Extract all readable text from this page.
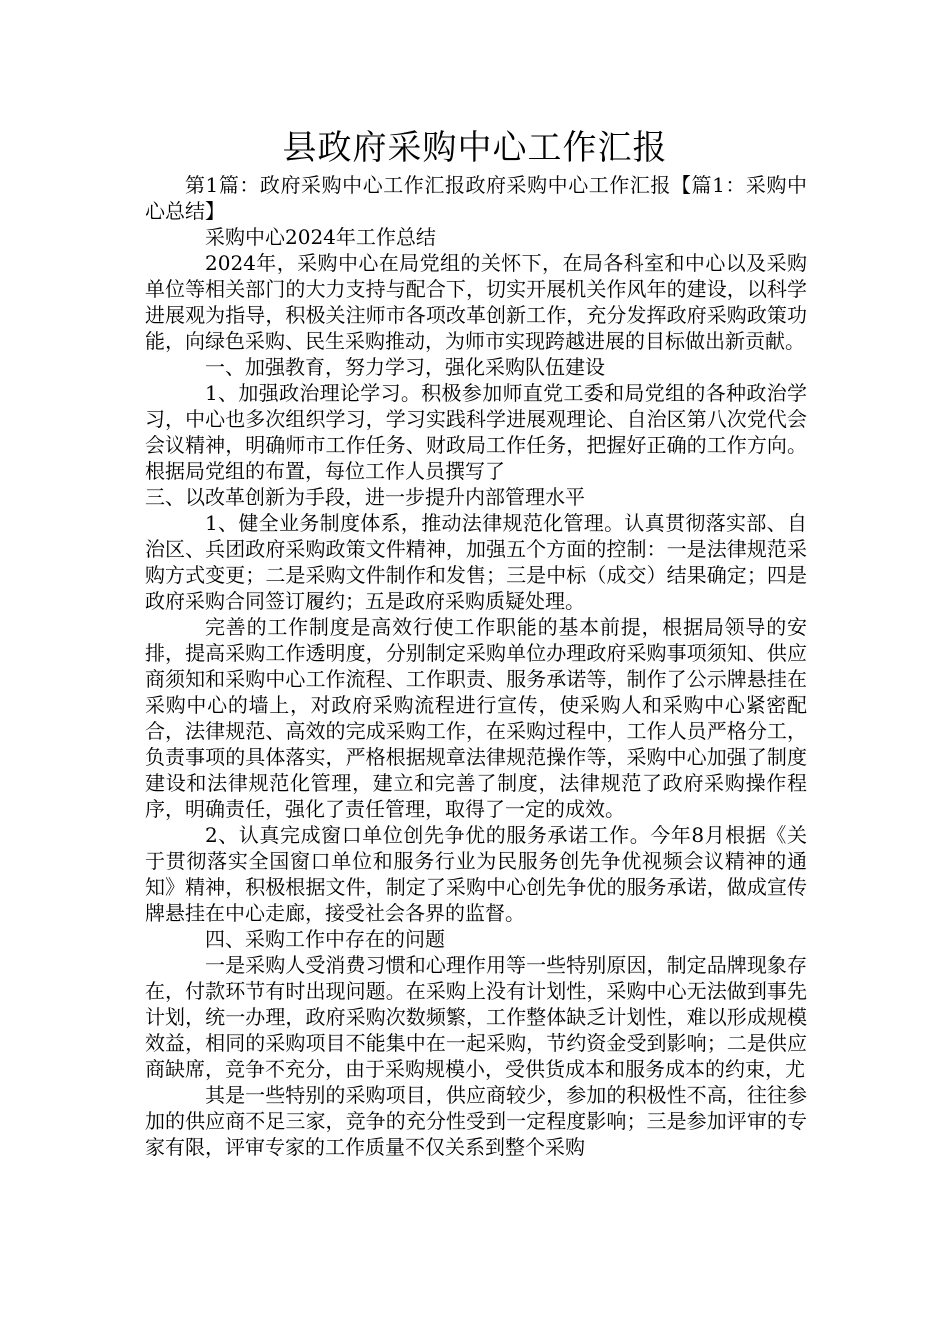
县政府采购中心工作汇报

第1篇：政府采购中心工作汇报政府采购中心工作汇报【篇1：采购中心总结】

采购中心2024年工作总结

2024年，采购中心在局党组的关怀下，在局各科室和中心以及采购单位等相关部门的大力支持与配合下，切实开展机关作风年的建设，以科学进展观为指导，积极关注师市各项改革创新工作，充分发挥政府采购政策功能，向绿色采购、民生采购推动，为师市实现跨越进展的目标做出新贡献。

一、加强教育，努力学习，强化采购队伍建设

1、加强政治理论学习。积极参加师直党工委和局党组的各种政治学习，中心也多次组织学习，学习实践科学进展观理论、自治区第八次党代会会议精神，明确师市工作任务、财政局工作任务，把握好正确的工作方向。根据局党组的布置，每位工作人员撰写了

三、以改革创新为手段，进一步提升内部管理水平

1、健全业务制度体系，推动法律规范化管理。认真贯彻落实部、自治区、兵团政府采购政策文件精神，加强五个方面的控制：一是法律规范采购方式变更；二是采购文件制作和发售；三是中标（成交）结果确定；四是政府采购合同签订履约；五是政府采购质疑处理。

完善的工作制度是高效行使工作职能的基本前提，根据局领导的安排，提高采购工作透明度，分别制定采购单位办理政府采购事项须知、供应商须知和采购中心工作流程、工作职责、服务承诺等，制作了公示牌悬挂在采购中心的墙上，对政府采购流程进行宣传，使采购人和采购中心紧密配合，法律规范、高效的完成采购工作，在采购过程中，工作人员严格分工，负责事项的具体落实，严格根据规章法律规范操作等，采购中心加强了制度建设和法律规范化管理，建立和完善了制度，法律规范了政府采购操作程序，明确责任，强化了责任管理，取得了一定的成效。

2、认真完成窗口单位创先争优的服务承诺工作。今年8月根据《关于贯彻落实全国窗口单位和服务行业为民服务创先争优视频会议精神的通知》精神，积极根据文件，制定了采购中心创先争优的服务承诺，做成宣传牌悬挂在中心走廊，接受社会各界的监督。

四、采购工作中存在的问题

一是采购人受消费习惯和心理作用等一些特别原因，制定品牌现象存在，付款环节有时出现问题。在采购上没有计划性，采购中心无法做到事先计划，统一办理，政府采购次数频繁，工作整体缺乏计划性，难以形成规模效益，相同的采购项目不能集中在一起采购，节约资金受到影响；二是供应商缺席，竞争不充分，由于采购规模小，受供货成本和服务成本的约束，尤

其是一些特别的采购项目，供应商较少，参加的积极性不高，往往参加的供应商不足三家，竞争的充分性受到一定程度影响；三是参加评审的专家有限，评审专家的工作质量不仅关系到整个采购
